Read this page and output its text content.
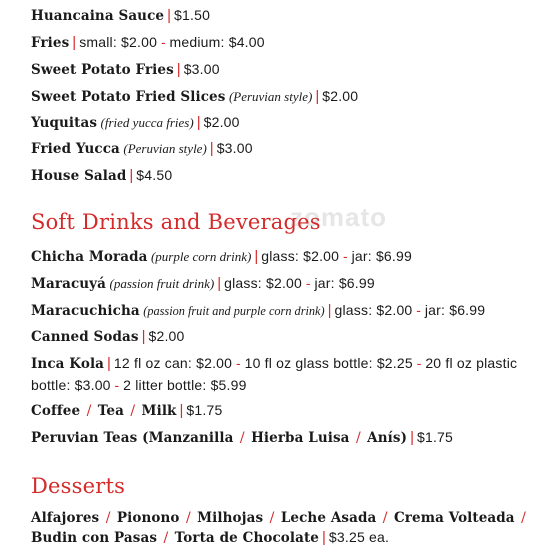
zomato
Huancaina Sauce | $1.50
Fries | small: $2.00 - medium: $4.00
Sweet Potato Fries | $3.00
Sweet Potato Fried Slices (Peruvian style) | $2.00
Yuquitas (fried yucca fries) | $2.00
Fried Yucca (Peruvian style) | $3.00
House Salad | $4.50
Soft Drinks and Beverages
Chicha Morada (purple corn drink) | glass: $2.00 - jar: $6.99
Maracuyá (passion fruit drink) | glass: $2.00 - jar: $6.99
Maracuchicha (passion fruit and purple corn drink) | glass: $2.00 - jar: $6.99
Canned Sodas | $2.00
Inca Kola | 12 fl oz can: $2.00 - 10 fl oz glass bottle: $2.25 - 20 fl oz plastic bottle: $3.00 - 2 litter bottle: $5.99
Coffee / Tea / Milk | $1.75
Peruvian Teas (Manzanilla / Hierba Luisa / Anís) | $1.75
Desserts
Alfajores / Pionono / Milhojas / Leche Asada / Crema Volteada /
Budin con Pasas / Torta de Chocolate | $3.25 ea.
